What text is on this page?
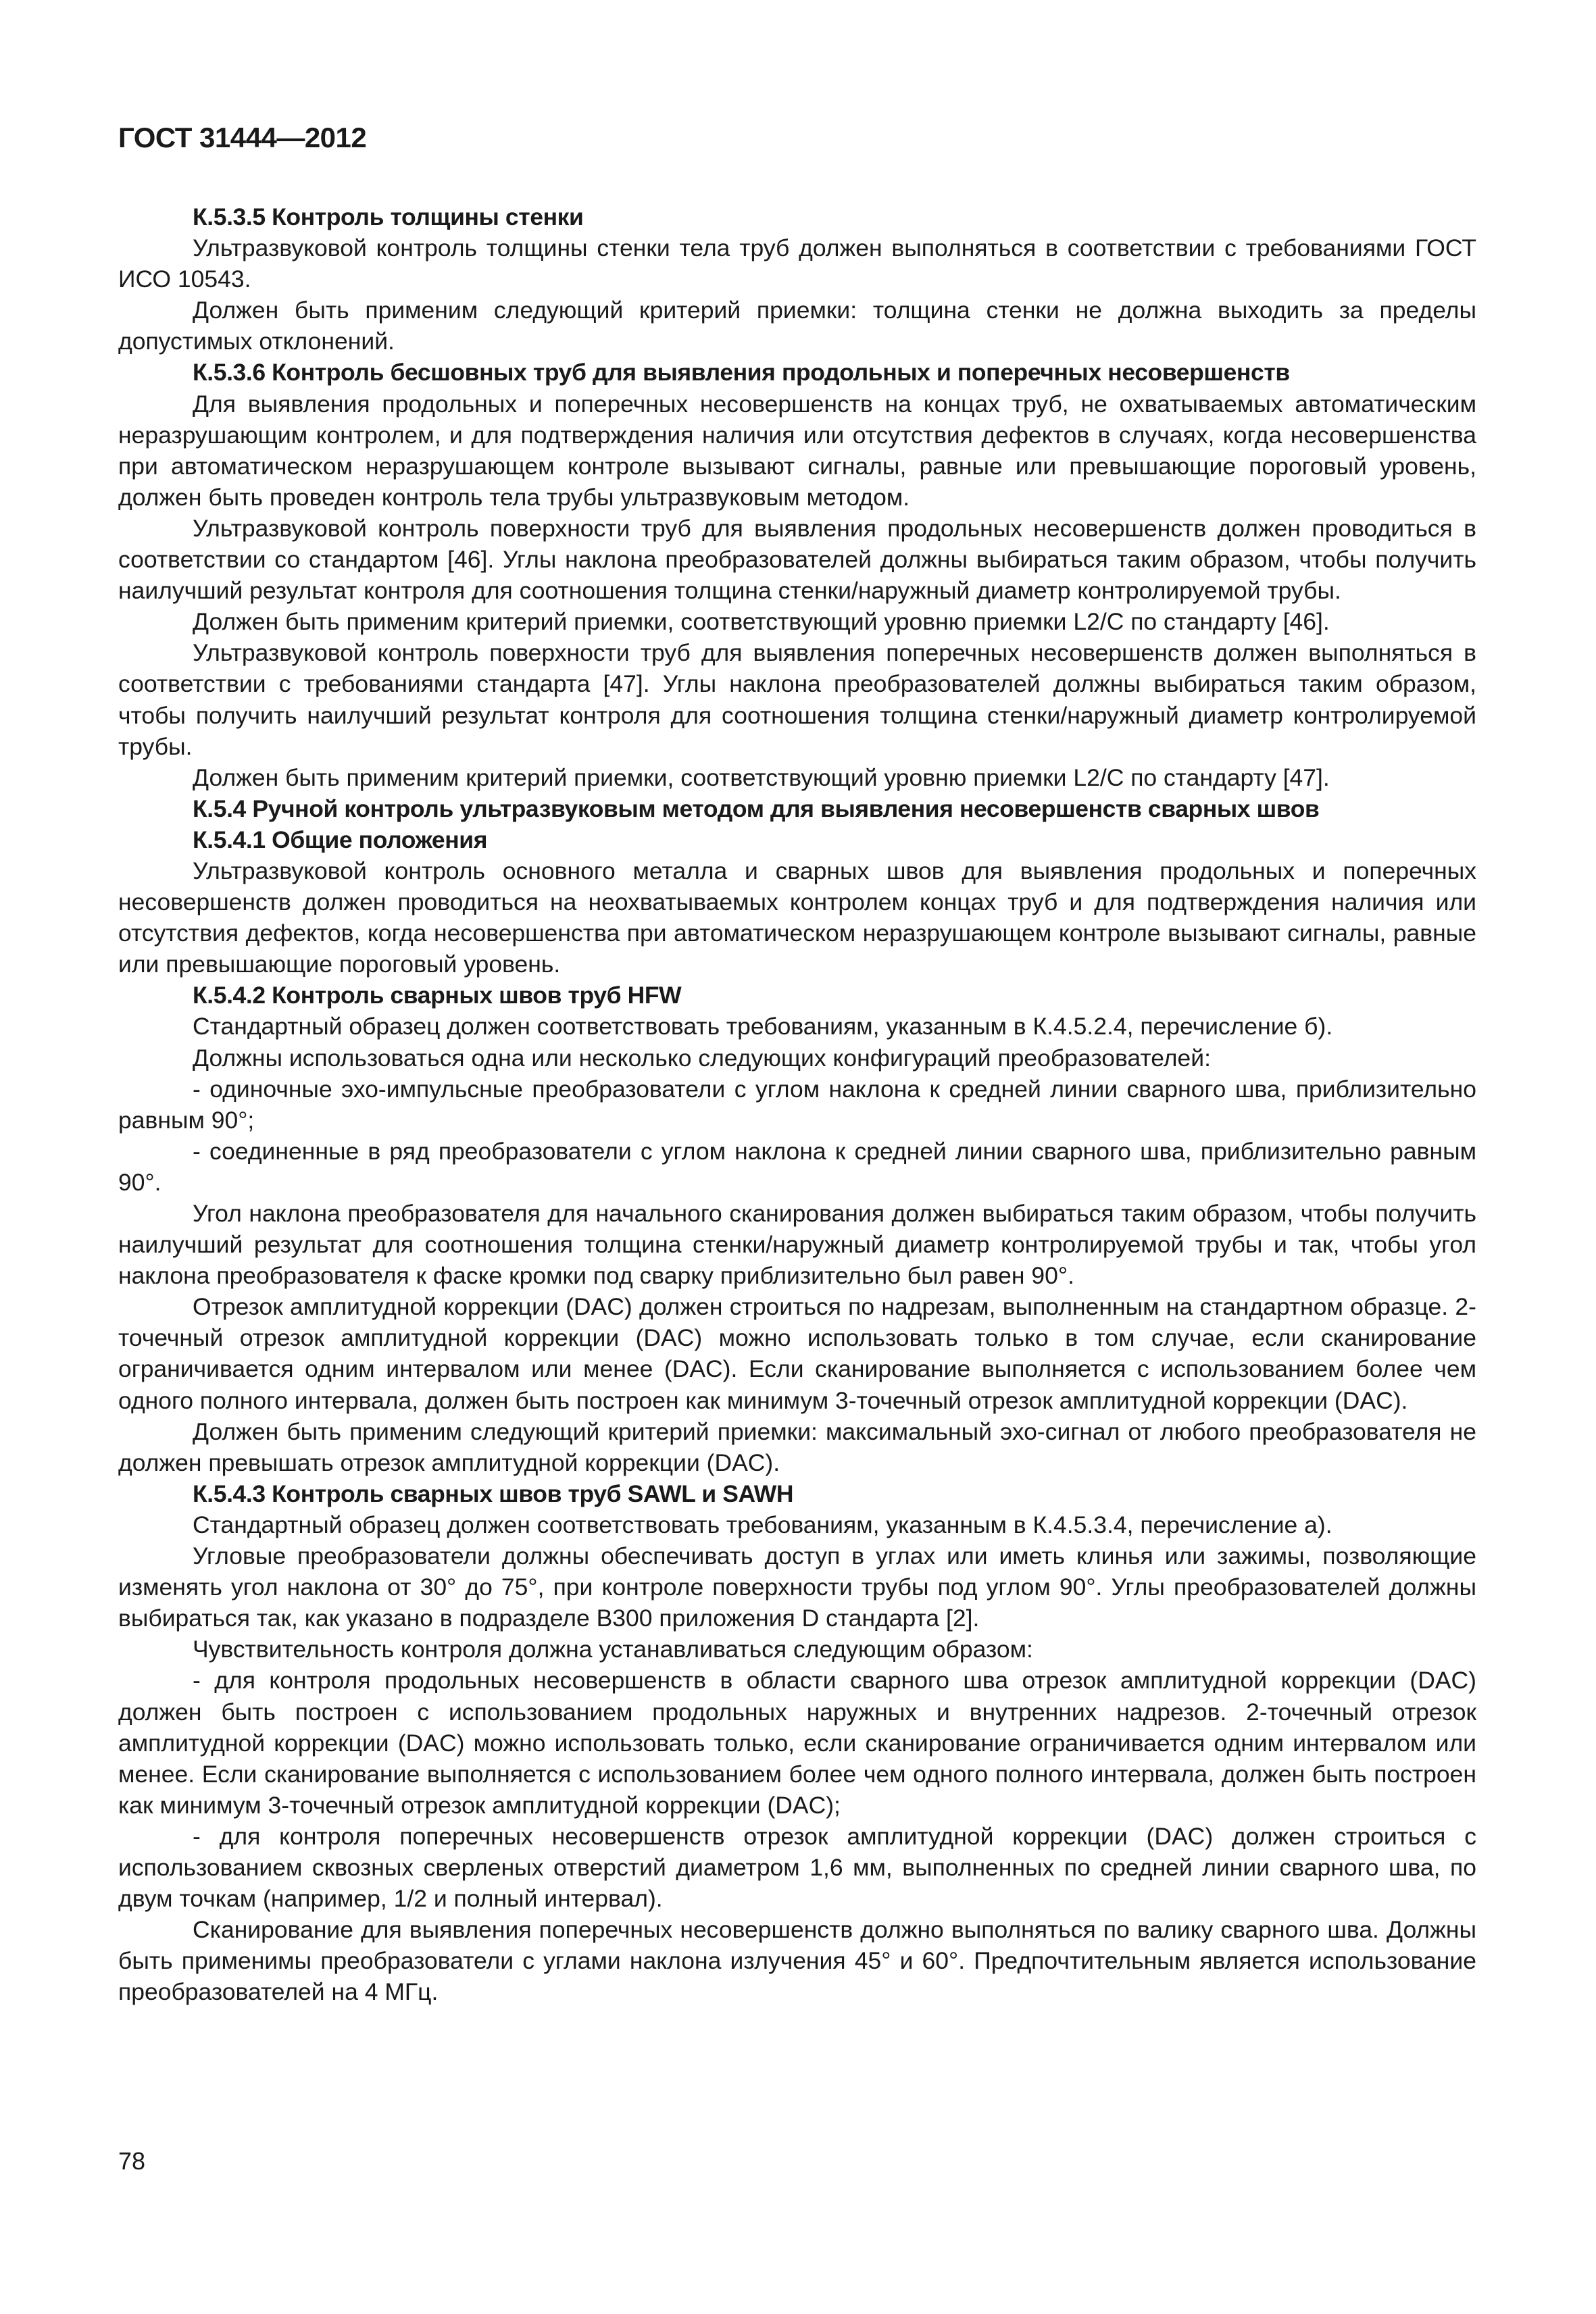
ГОСТ 31444—2012

К.5.3.5 Контроль толщины стенки

Ультразвуковой контроль толщины стенки тела труб должен выполняться в соответствии с требованиями ГОСТ ИСО 10543.

Должен быть применим следующий критерий приемки: толщина стенки не должна выходить за пределы допустимых отклонений.

К.5.3.6 Контроль бесшовных труб для выявления продольных и поперечных несовершенств

Для выявления продольных и поперечных несовершенств на концах труб, не охватываемых автоматическим неразрушающим контролем, и для подтверждения наличия или отсутствия дефектов в случаях, когда несовершенства при автоматическом неразрушающем контроле вызывают сигналы, равные или превышающие пороговый уровень, должен быть проведен контроль тела трубы ультразвуковым методом.

Ультразвуковой контроль поверхности труб для выявления продольных несовершенств должен проводиться в соответствии со стандартом [46]. Углы наклона преобразователей должны выбираться таким образом, чтобы получить наилучший результат контроля для соотношения толщина стенки/наружный диаметр контролируемой трубы.

Должен быть применим критерий приемки, соответствующий уровню приемки L2/C по стандарту [46].

Ультразвуковой контроль поверхности труб для выявления поперечных несовершенств должен выполняться в соответствии с требованиями стандарта [47]. Углы наклона преобразователей должны выбираться таким образом, чтобы получить наилучший результат контроля для соотношения толщина стенки/наружный диаметр контролируемой трубы.

Должен быть применим критерий приемки, соответствующий уровню приемки L2/C по стандарту [47].

К.5.4 Ручной контроль ультразвуковым методом для выявления несовершенств сварных швов

К.5.4.1 Общие положения

Ультразвуковой контроль основного металла и сварных швов для выявления продольных и поперечных несовершенств должен проводиться на неохватываемых контролем концах труб и для подтверждения наличия или отсутствия дефектов, когда несовершенства при автоматическом неразрушающем контроле вызывают сигналы, равные или превышающие пороговый уровень.

К.5.4.2 Контроль сварных швов труб HFW

Стандартный образец должен соответствовать требованиям, указанным в К.4.5.2.4, перечисление б).

Должны использоваться одна или несколько следующих конфигураций преобразователей:

- одиночные эхо-импульсные преобразователи с углом наклона к средней линии сварного шва, приблизительно равным 90°;

- соединенные в ряд преобразователи с углом наклона к средней линии сварного шва, приблизительно равным 90°.

Угол наклона преобразователя для начального сканирования должен выбираться таким образом, чтобы получить наилучший результат для соотношения толщина стенки/наружный диаметр контролируемой трубы и так, чтобы угол наклона преобразователя к фаске кромки под сварку приблизительно был равен 90°.

Отрезок амплитудной коррекции (DAC) должен строиться по надрезам, выполненным на стандартном образце. 2-точечный отрезок амплитудной коррекции (DAC) можно использовать только в том случае, если сканирование ограничивается одним интервалом или менее (DAC). Если сканирование выполняется с использованием более чем одного полного интервала, должен быть построен как минимум 3-точечный отрезок амплитудной коррекции (DAC).

Должен быть применим следующий критерий приемки: максимальный эхо-сигнал от любого преобразователя не должен превышать отрезок амплитудной коррекции (DAC).

К.5.4.3 Контроль сварных швов труб SAWL и SAWH

Стандартный образец должен соответствовать требованиям, указанным в К.4.5.3.4, перечисление а).

Угловые преобразователи должны обеспечивать доступ в углах или иметь клинья или зажимы, позволяющие изменять угол наклона от 30° до 75°, при контроле поверхности трубы под углом 90°. Углы преобразователей должны выбираться так, как указано в подразделе В300 приложения D стандарта [2].

Чувствительность контроля должна устанавливаться следующим образом:

- для контроля продольных несовершенств в области сварного шва отрезок амплитудной коррекции (DAC) должен быть построен с использованием продольных наружных и внутренних надрезов. 2-точечный отрезок амплитудной коррекции (DAC) можно использовать только, если сканирование ограничивается одним интервалом или менее. Если сканирование выполняется с использованием более чем одного полного интервала, должен быть построен как минимум 3-точечный отрезок амплитудной коррекции (DAC);

- для контроля поперечных несовершенств отрезок амплитудной коррекции (DAC) должен строиться с использованием сквозных сверленых отверстий диаметром 1,6 мм, выполненных по средней линии сварного шва, по двум точкам (например, 1/2 и полный интервал).

Сканирование для выявления поперечных несовершенств должно выполняться по валику сварного шва. Должны быть применимы преобразователи с углами наклона излучения 45° и 60°. Предпочтительным является использование преобразователей на 4 МГц.

78
